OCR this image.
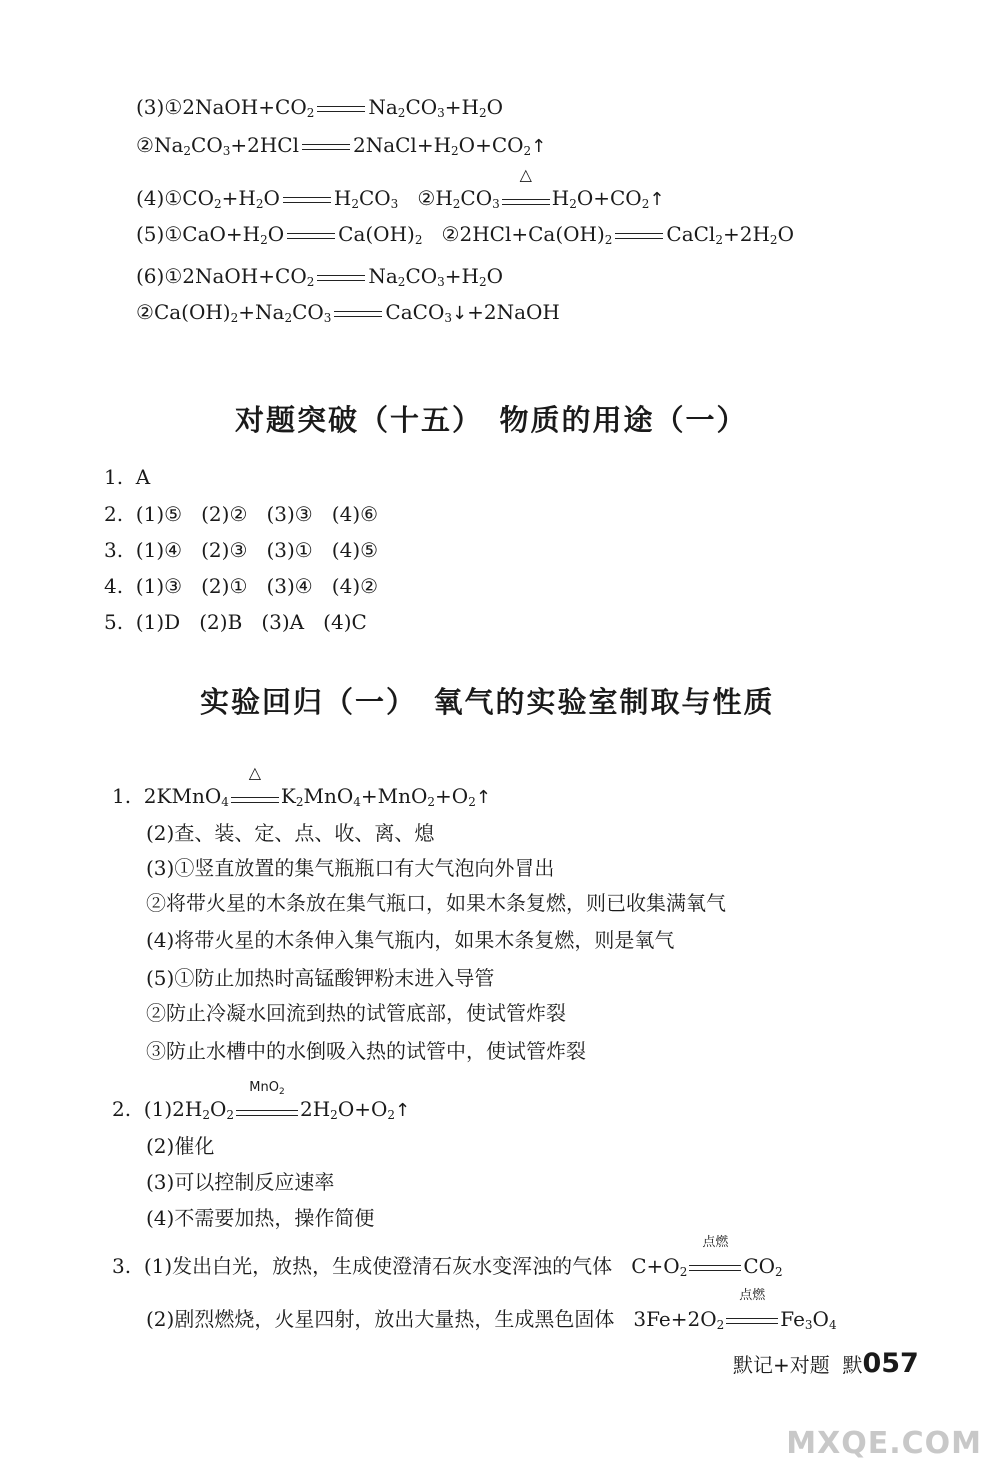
$(3)①2NaOH+CO_2$	$Na_2CO_3+H_2O$
$②Na_2CO_3+2HCl$	$2NaCl+H_2O+CO_2↑$
$(4)①CO_2+H_2O$	$H_2CO_3$ $②H_2CO_3$
△
$H_2O+CO_2↑$
$(5)①CaO+H_2O$	$Ca(OH)_2$ $②2HCl+Ca(OH)_2$	$CaCl_2+2H_2O$
$(6)①2NaOH+CO_2$	$Na_2CO_3+H_2O$
$②Ca(OH)_2+Na_2CO_3$	CaCO$_3$↓+2NaOH
对题突破（十五）　物质的用途（一）
1.  A
2.  (1)⑤   (2)②   (3)③   (4)⑥
3.  (1)④   (2)③   (3)①   (4)⑤
4.  (1)③   (2)①   (3)④   (4)②
5.  (1)D   (2)B   (3)A   (4)C
实验回归（一）　氧气的实验室制取与性质
1.  2KMnO$_4$
△
$K_2MnO_4+MnO_2+O_2↑$
(2)查、装、定、点、收、离、熄
(3)①竖直放置的集气瓶瓶口有大气泡向外冒出
②将带火星的木条放在集气瓶口，如果木条复燃，则已收集满氧气
(4)将带火星的木条伸入集气瓶内，如果木条复燃，则是氧气
(5)①防止加热时高锰酸钾粉末进入导管
②防止冷凝水回流到热的试管底部，使试管炸裂
③防止水槽中的水倒吸入热的试管中，使试管炸裂
2.  $(1)2H_2O_2$
MnO$_2$
$2H_2O+O_2↑$
(2)催化
(3)可以控制反应速率
(4)不需要加热，操作简便
3. (1)发出白光，放热，生成使澄清石灰水变浑浊的气体   $C+O_2$
点燃
$CO_2$
(2)剧烈燃烧，火星四射，放出大量热，生成黑色固体   $3Fe+2O_2$
点燃
$Fe_3O_4$
默记+对题 默057
MXQE.COM
